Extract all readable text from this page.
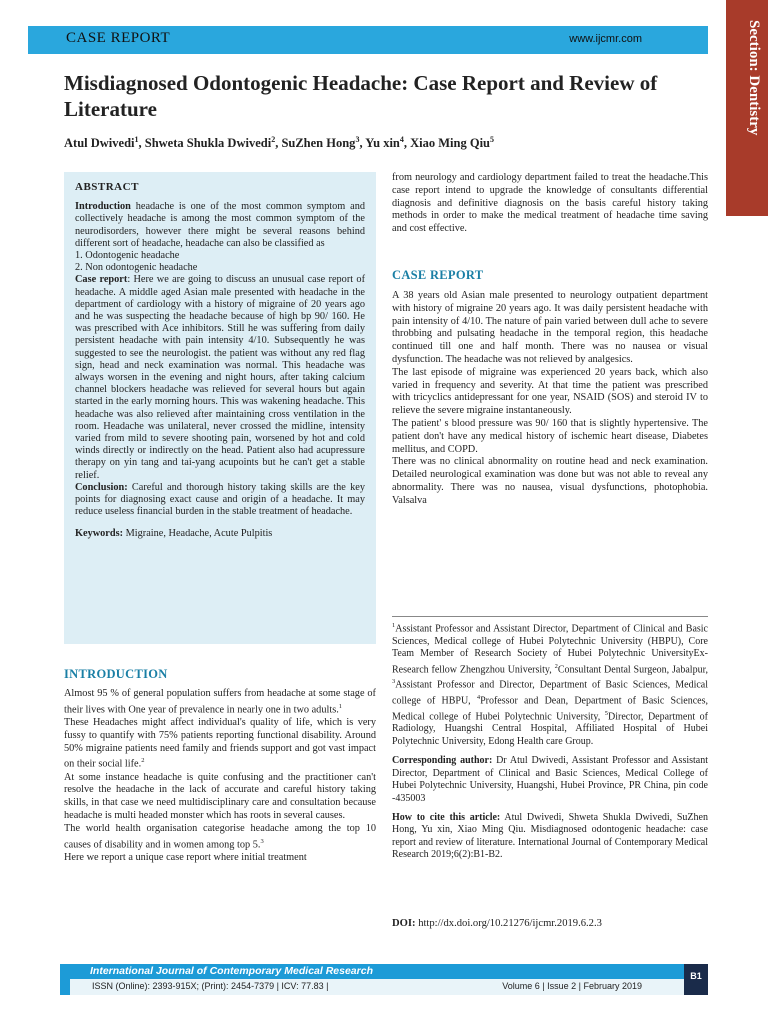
CASE REPORT	www.ijcmr.com	Section: Dentistry
Misdiagnosed Odontogenic Headache: Case Report and Review of Literature
Atul Dwivedi$^1$, Shweta Shukla Dwivedi$^2$, SuZhen Hong$^3$, Yu xin$^4$, Xiao Ming Qiu$^5$
ABSTRACT

Introduction headache is one of the most common symptom and collectively headache is among the most common symptom of the neurodisorders, however there might be several reasons behind different sort of headache, headache can also be classified as

1. Odontogenic headache

2. Non odontogenic headache

Case report: Here we are going to discuss an unusual case report of headache. A middle aged Asian male presented with headache in the department of cardiology with a history of migraine of 20 years ago and he was suspecting the headache because of high bp 90/ 160. He was prescribed with Ace inhibitors. Still he was suffering from daily persistent headache with pain intensity 4/10. Subsequently he was suggested to see the neurologist. the patient was without any red flag sign, head and neck examination was normal. This headache was always worsen in the evening and night hours, after taking calcium channel blockers headache was relieved for several hours but again started in the early morning hours. This was wakening headache. This headache was also relieved after maintaining cross ventilation in the room. Headache was unilateral, never crossed the midline, intensity varied from mild to severe shooting pain, worsened by hot and cold winds directly or indirectly on the head. Patient also had acupressure therapy on yin tang and tai-yang acupoints but he can't get a stable relief.

Conclusion: Careful and thorough history taking skills are the key points for diagnosing exact cause and origin of a headache. It may reduce useless financial burden in the stable treatment of headache.

Keywords: Migraine, Headache, Acute Pulpitis

INTRODUCTION

Almost 95 % of general population suffers from headache at some stage of their lives with One year of prevalence in nearly one in two adults.$^1$

These Headaches might affect individual's quality of life, which is very fussy to quantify with 75% patients reporting functional disability. Around 50% migraine patients need family and friends support and got vast impact on their social life.$^2$

At some instance headache is quite confusing and the practitioner can't resolve the headache in the lack of accurate and careful history taking skills, in that case we need multidisciplinary care and consultation because headache is multi headed monster which has roots in several causes.

The world health organisation categorise headache among the top 10 causes of disability and in women among top 5.$^3$

Here we report a unique case report where initial treatment

from neurology and cardiology department failed to treat the headache.This case report intend to upgrade the knowledge of consultants differential diagnosis and definitive diagnosis on the basis careful history taking methods in order to make the medical treatment of headache time saving and cost effective.

CASE REPORT

A 38 years old Asian male presented to neurology outpatient department with history of migraine 20 years ago. It was daily persistent headache with pain intensity of 4/10. The nature of pain varied between dull ache to severe throbbing and pulsating headache in the temporal region, this headache continued till one and half month. There was no nausea or visual dysfunction. The headache was not relieved by analgesics.

The last episode of migraine was experienced 20 years back, which also varied in frequency and severity. At that time the patient was prescribed with tricyclics antidepressant for one year, NSAID (SOS) and steroid IV to relieve the severe migraine instantaneously.

The patient' s blood pressure was 90/ 160 that is slightly hypertensive. The patient don't have any medical history of ischemic heart disease, Diabetes mellitus, and COPD.

There was no clinical abnormality on routine head and neck examination. Detailed neurological examination was done but was not able to reveal any abnormality. There was no nausea, visual dysfunctions, photophobia. Valsalva

$^1$Assistant Professor and Assistant Director, Department of Clinical and Basic Sciences, Medical college of Hubei Polytechnic University (HBPU), Core Team Member of Research Society of Hubei Polytechnic UniversityEx- Research fellow Zhengzhou University, $^2$Consultant Dental Surgeon, Jabalpur, $^3$Assistant Professor and Director, Department of Basic Sciences, Medical college of HBPU, $^4$Professor and Dean, Department of Basic Sciences, Medical college of Hubei Polytechnic University, $^5$Director, Department of Radiology, Huangshi Central Hospital, Affiliated Hospital of Hubei Polytechnic University, Edong Health care Group.

Corresponding author: Dr Atul Dwivedi, Assistant Professor and Assistant Director, Department of Clinical and Basic Sciences, Medical College of Hubei Polytechnic University, Huangshi, Hubei Province, PR China, pin code -435003

How to cite this article: Atul Dwivedi, Shweta Shukla Dwivedi, SuZhen Hong, Yu xin, Xiao Ming Qiu. Misdiagnosed odontogenic headache: case report and review of literature. International Journal of Contemporary Medical Research 2019;6(2):B1-B2.

DOI: http://dx.doi.org/10.21276/ijcmr.2019.6.2.3
International Journal of Contemporary Medical Research
ISSN (Online): 2393-915X; (Print): 2454-7379 | ICV: 77.83 |	Volume 6 | Issue 2 | February 2019
B1
